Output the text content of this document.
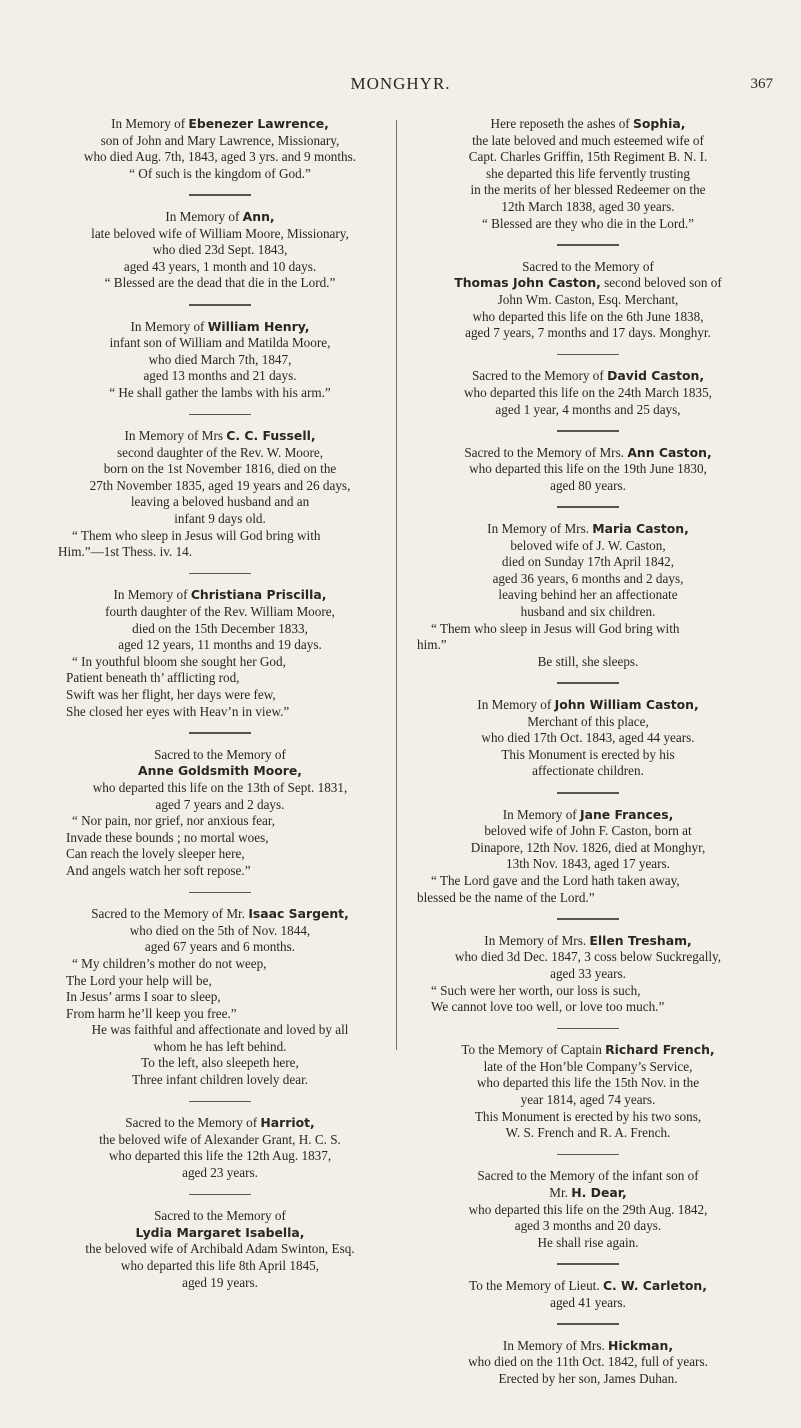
MONGHYR.	367
In Memory of Ebenezer Lawrence,
son of John and Mary Lawrence, Missionary,
who died Aug. 7th, 1843, aged 3 yrs. and 9 months.
“ Of such is the kingdom of God.”
In Memory of Ann,
late beloved wife of William Moore, Missionary,
who died 23d Sept. 1843,
aged 43 years, 1 month and 10 days.
“ Blessed are the dead that die in the Lord.”
In Memory of William Henry,
infant son of William and Matilda Moore,
who died March 7th, 1847,
aged 13 months and 21 days.
“ He shall gather the lambs with his arm.”
In Memory of Mrs C. C. Fussell,
second daughter of the Rev. W. Moore,
born on the 1st November 1816, died on the
27th November 1835, aged 19 years and 26 days,
leaving a beloved husband and an
infant 9 days old.
“ Them who sleep in Jesus will God bring with
Him.”—1st Thess. iv. 14.
In Memory of Christiana Priscilla,
fourth daughter of the Rev. William Moore,
died on the 15th December 1833,
aged 12 years, 11 months and 19 days.
“ In youthful bloom she sought her God,
Patient beneath th’ afflicting rod,
Swift was her flight, her days were few,
She closed her eyes with Heav’n in view.”
Sacred to the Memory of
Anne Goldsmith Moore,
who departed this life on the 13th of Sept. 1831,
aged 7 years and 2 days.
“ Nor pain, nor grief, nor anxious fear,
Invade these bounds ; no mortal woes,
Can reach the lovely sleeper here,
And angels watch her soft repose.”
Sacred to the Memory of Mr. Isaac Sargent,
who died on the 5th of Nov. 1844,
aged 67 years and 6 months.
“ My children’s mother do not weep,
The Lord your help will be,
In Jesus’ arms I soar to sleep,
From harm he’ll keep you free.”
He was faithful and affectionate and loved by all
whom he has left behind.
To the left, also sleepeth here,
Three infant children lovely dear.
Sacred to the Memory of Harriot,
the beloved wife of Alexander Grant, H. C. S.
who departed this life the 12th Aug. 1837,
aged 23 years.
Sacred to the Memory of
Lydia Margaret Isabella,
the beloved wife of Archibald Adam Swinton, Esq.
who departed this life 8th April 1845,
aged 19 years.
Here reposeth the ashes of Sophia,
the late beloved and much esteemed wife of
Capt. Charles Griffin, 15th Regiment B. N. I.
she departed this life fervently trusting
in the merits of her blessed Redeemer on the
12th March 1838, aged 30 years.
“ Blessed are they who die in the Lord.”
Sacred to the Memory of
Thomas John Caston, second beloved son of
John Wm. Caston, Esq. Merchant,
who departed this life on the 6th June 1838,
aged 7 years, 7 months and 17 days. Monghyr.
Sacred to the Memory of David Caston,
who departed this life on the 24th March 1835,
aged 1 year, 4 months and 25 days,
Sacred to the Memory of Mrs. Ann Caston,
who departed this life on the 19th June 1830,
aged 80 years.
In Memory of Mrs. Maria Caston,
beloved wife of J. W. Caston,
died on Sunday 17th April 1842,
aged 36 years, 6 months and 2 days,
leaving behind her an affectionate
husband and six children.
“ Them who sleep in Jesus will God bring with
him.”
Be still, she sleeps.
In Memory of John William Caston,
Merchant of this place,
who died 17th Oct. 1843, aged 44 years.
This Monument is erected by his
affectionate children.
In Memory of Jane Frances,
beloved wife of John F. Caston, born at
Dinapore, 12th Nov. 1826, died at Monghyr,
13th Nov. 1843, aged 17 years.
“ The Lord gave and the Lord hath taken away,
blessed be the name of the Lord.”
In Memory of Mrs. Ellen Tresham,
who died 3d Dec. 1847, 3 coss below Suckregally,
aged 33 years.
“ Such were her worth, our loss is such,
We cannot love too well, or love too much.”
To the Memory of Captain Richard French,
late of the Hon’ble Company’s Service,
who departed this life the 15th Nov. in the
year 1814, aged 74 years.
This Monument is erected by his two sons,
W. S. French and R. A. French.
Sacred to the Memory of the infant son of
Mr. H. Dear,
who departed this life on the 29th Aug. 1842,
aged 3 months and 20 days.
He shall rise again.
To the Memory of Lieut. C. W. Carleton,
aged 41 years.
In Memory of Mrs. Hickman,
who died on the 11th Oct. 1842, full of years.
Erected by her son, James Duhan.
